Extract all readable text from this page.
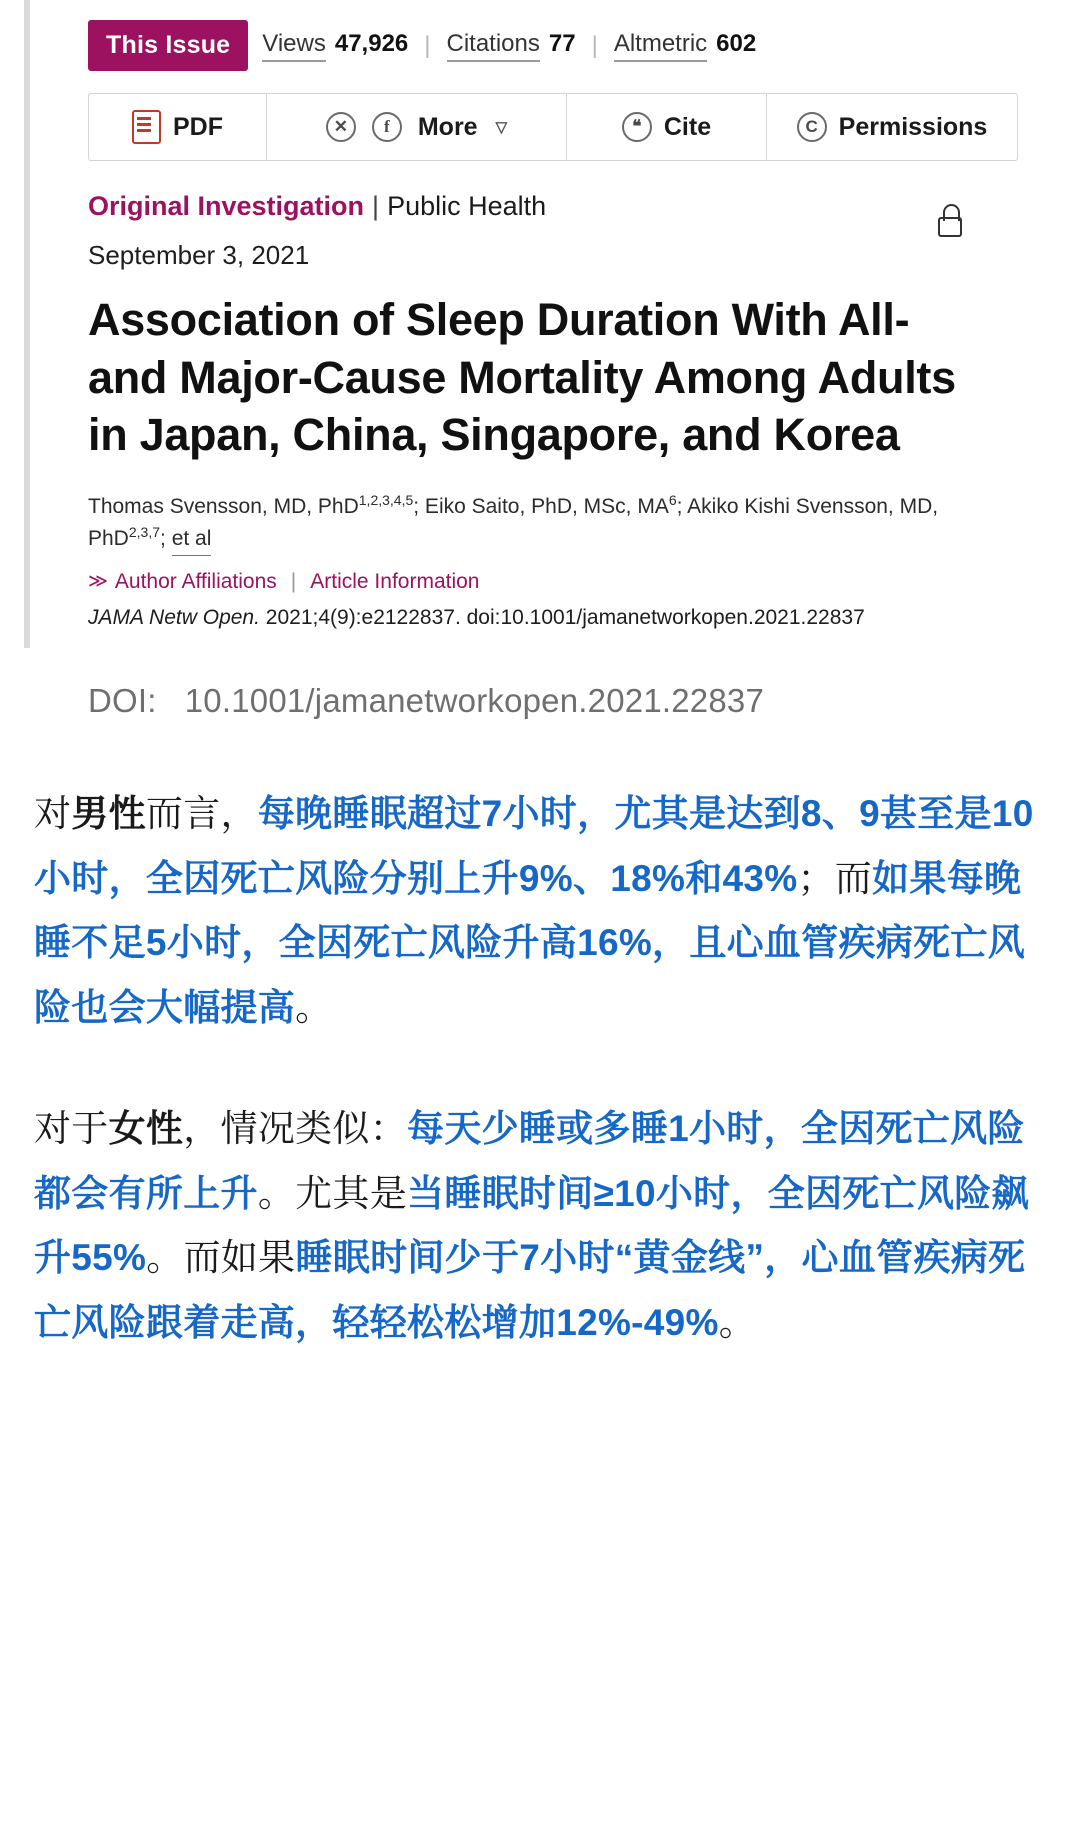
This Issue	Views 47,926 | Citations 77 | Altmetric 602
PDF	✕	f	More ▽	❝ Cite	C Permissions
Original Investigation | Public Health
September 3, 2021
Association of Sleep Duration With All- and Major-Cause Mortality Among Adults in Japan, China, Singapore, and Korea
Thomas Svensson, MD, PhD$^{1,2,3,4,5}$; Eiko Saito, PhD, MSc, $MA^6$; Akiko Kishi Svensson, MD, PhD$^{2,3,7}$; et al
≫ Author Affiliations | Article Information
JAMA Netw Open. 2021;4(9):e2122837. doi:10.1001/jamanetworkopen.2021.22837
DOI: 10.1001/jamanetworkopen.2021.22837
对男性而言，每晚睡眠超过7小时，尤其是达到8、9甚至是10小时，全因死亡风险分别上升9%、18%和43%；而如果每晚睡不足5小时，全因死亡风险升高16%，且心血管疾病死亡风险也会大幅提高。
对于女性，情况类似：每天少睡或多睡1小时，全因死亡风险都会有所上升。尤其是当睡眠时间≥10小时，全因死亡风险飙升55%。而如果睡眠时间少于7小时“黄金线”，心血管疾病死亡风险跟着走高，轻轻松松增加12%-49%。
